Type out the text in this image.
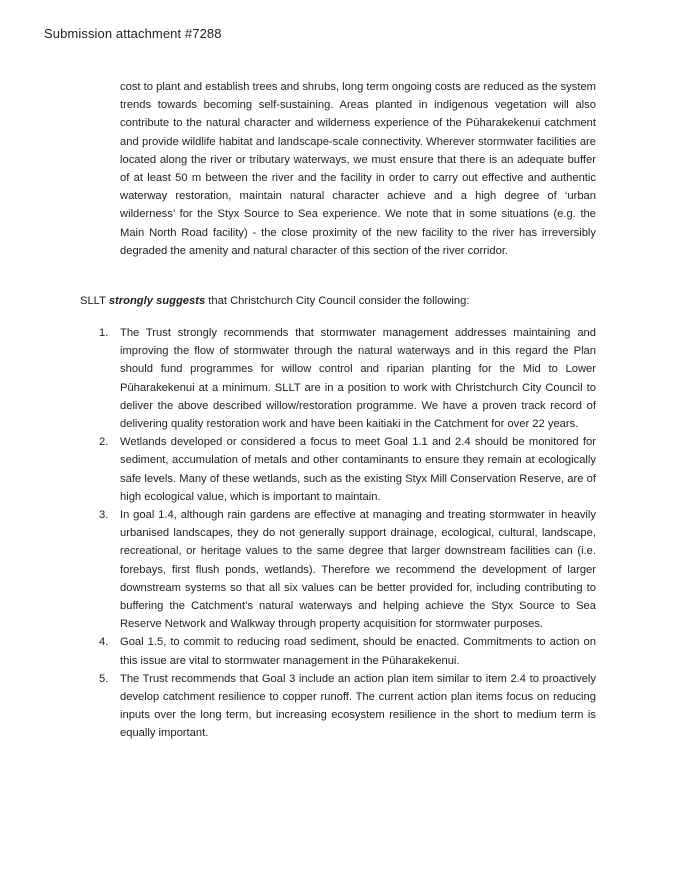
Submission attachment #7288

cost to plant and establish trees and shrubs, long term ongoing costs are reduced as the system trends towards becoming self-sustaining. Areas planted in indigenous vegetation will also contribute to the natural character and wilderness experience of the Pūharakekenui catchment and provide wildlife habitat and landscape-scale connectivity. Wherever stormwater facilities are located along the river or tributary waterways, we must ensure that there is an adequate buffer of at least 50 m between the river and the facility in order to carry out effective and authentic waterway restoration, maintain natural character achieve and a high degree of ‘urban wilderness’ for the Styx Source to Sea experience. We note that in some situations (e.g. the Main North Road facility) - the close proximity of the new facility to the river has irreversibly degraded the amenity and natural character of this section of the river corridor.

SLLT strongly suggests that Christchurch City Council consider the following:

1. The Trust strongly recommends that stormwater management addresses maintaining and improving the flow of stormwater through the natural waterways and in this regard the Plan should fund programmes for willow control and riparian planting for the Mid to Lower Pūharakekenui at a minimum. SLLT are in a position to work with Christchurch City Council to deliver the above described willow/restoration programme. We have a proven track record of delivering quality restoration work and have been kaitiaki in the Catchment for over 22 years.
2. Wetlands developed or considered a focus to meet Goal 1.1 and 2.4 should be monitored for sediment, accumulation of metals and other contaminants to ensure they remain at ecologically safe levels. Many of these wetlands, such as the existing Styx Mill Conservation Reserve, are of high ecological value, which is important to maintain.
3. In goal 1.4, although rain gardens are effective at managing and treating stormwater in heavily urbanised landscapes, they do not generally support drainage, ecological, cultural, landscape, recreational, or heritage values to the same degree that larger downstream facilities can (i.e. forebays, first flush ponds, wetlands). Therefore we recommend the development of larger downstream systems so that all six values can be better provided for, including contributing to buffering the Catchment’s natural waterways and helping achieve the Styx Source to Sea Reserve Network and Walkway through property acquisition for stormwater purposes.
4. Goal 1.5, to commit to reducing road sediment, should be enacted. Commitments to action on this issue are vital to stormwater management in the Pūharakekenui.
5. The Trust recommends that Goal 3 include an action plan item similar to item 2.4 to proactively develop catchment resilience to copper runoff. The current action plan items focus on reducing inputs over the long term, but increasing ecosystem resilience in the short to medium term is equally important.
